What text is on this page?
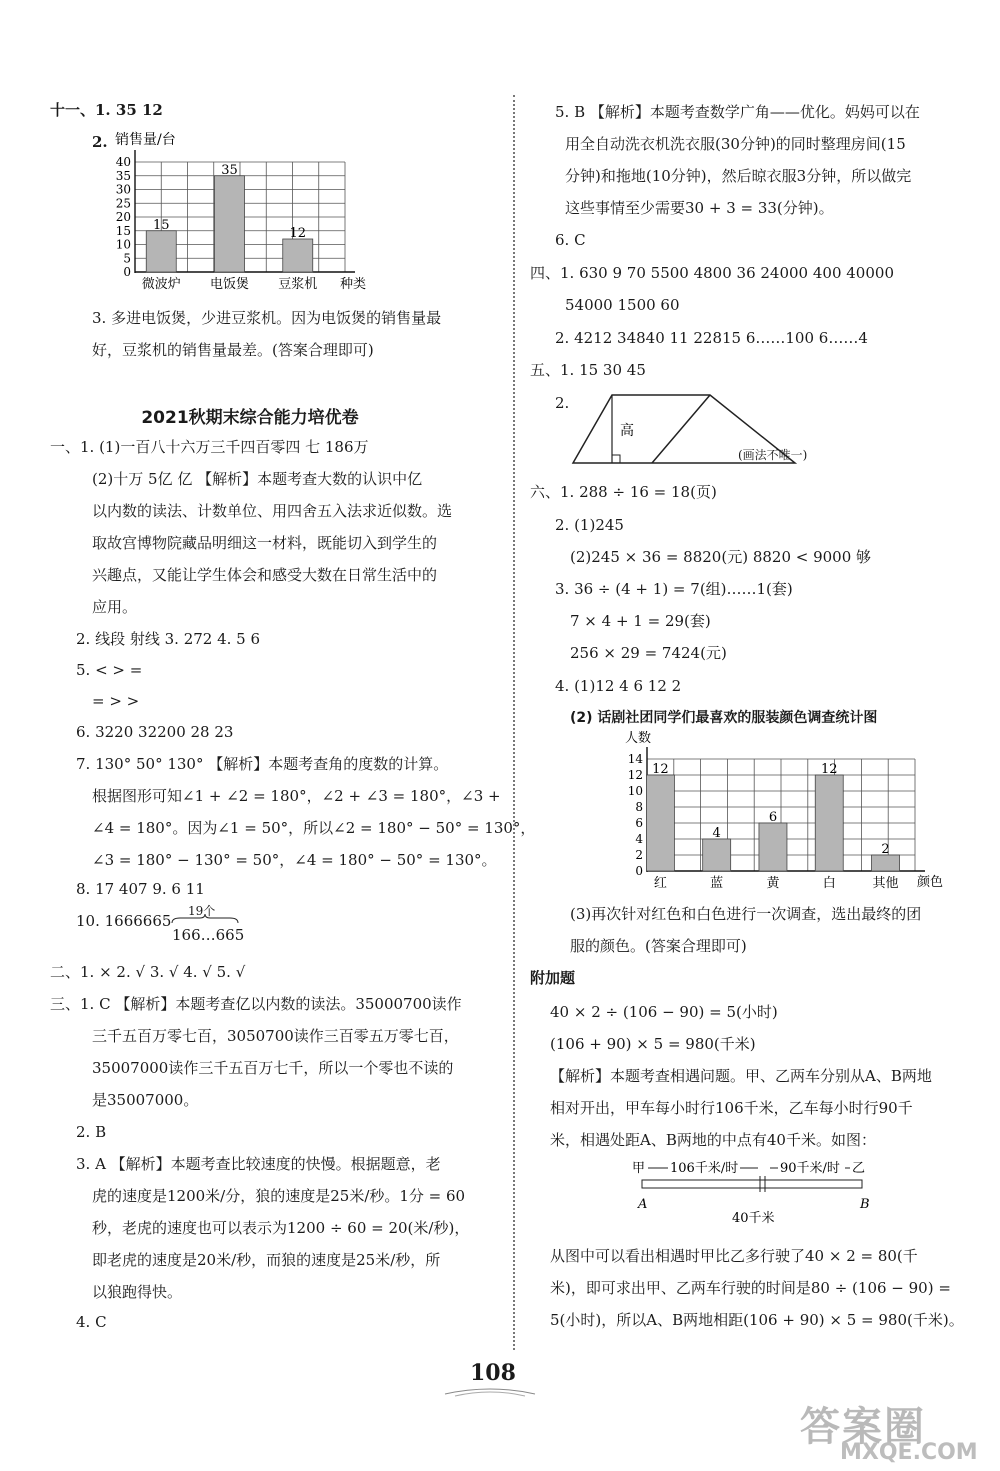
十一、1. 35 12
2.
0
5
10
15
20
25
30
35
40
微波炉 电饭煲 豆浆机
15
35
12
销售量/台
种类
3. 多进电饭煲，少进豆浆机。因为电饭煲的销售量最
好，豆浆机的销售量最差。(答案合理即可)
2021秋期末综合能力培优卷
一、1. (1)一百八十六万三千四百零四 七 186万
(2)十万 5亿 亿 【解析】本题考查大数的认识中亿
以内数的读法、计数单位、用四舍五入法求近似数。选
取故宫博物院藏品明细这一材料，既能切入到学生的
兴趣点，又能让学生体会和感受大数在日常生活中的
应用。
2. 线段 射线 3. 272 4. 5 6
5. < > =
= > >
6. 3220 32200 28 23
7. 130° 50° 130° 【解析】本题考查角的度数的计算。
根据图形可知∠1 + ∠2 = 180°，∠2 + ∠3 = 180°，∠3 +
∠4 = 180°。因为∠1 = 50°，所以∠2 = 180° − 50° = 130°，
∠3 = 180° − 130° = 50°，∠4 = 180° − 50° = 130°。
8. 17 407 9. 6 11
10. 1666665
19个
166…665
二、1. × 2. √ 3. √ 4. √ 5. √
三、1. C 【解析】本题考查亿以内数的读法。35000700读作
三千五百万零七百，3050700读作三百零五万零七百，
35007000读作三千五百万七千，所以一个零也不读的
是35007000。
2. B
3. A 【解析】本题考查比较速度的快慢。根据题意，老
虎的速度是1200米/分，狼的速度是25米/秒。1分 = 60
秒，老虎的速度也可以表示为1200 ÷ 60 = 20(米/秒)，
即老虎的速度是20米/秒，而狼的速度是25米/秒，所
以狼跑得快。
4. C
5. B 【解析】本题考查数学广角——优化。妈妈可以在
用全自动洗衣机洗衣服(30分钟)的同时整理房间(15
分钟)和拖地(10分钟)，然后晾衣服3分钟，所以做完
这些事情至少需要30 + 3 = 33(分钟)。
6. C
四、1. 630 9 70 5500 4800 36 24000 400 40000
54000 1500 60
2. 4212 34840 11 22815 6……100 6……4
五、1. 15 30 45
2.
高
(画法不唯一)
六、1. 288 ÷ 16 = 18(页)
2. (1)245
(2)245 × 36 = 8820(元) 8820 < 9000 够
3. 36 ÷ (4 + 1) = 7(组)……1(套)
7 × 4 + 1 = 29(套)
256 × 29 = 7424(元)
4. (1)12 4 6 12 2
(2) 话剧社团同学们最喜欢的服装颜色调查统计图
0
2
4
6
8
10
12
14
红	蓝	黄	白	其他
12
4
6
12
2
人数
颜色
(3)再次针对红色和白色进行一次调查，选出最终的团
服的颜色。(答案合理即可)
附加题
40 × 2 ÷ (106 − 90) = 5(小时)
(106 + 90) × 5 = 980(千米)
【解析】本题考查相遇问题。甲、乙两车分别从A、B两地
相对开出，甲车每小时行106千米，乙车每小时行90千
米，相遇处距A、B两地的中点有40千米。如图：
甲 106千米/时	90千米/时 乙
A	B
40千米
从图中可以看出相遇时甲比乙多行驶了40 × 2 = 80(千
米)，即可求出甲、乙两车行驶的时间是80 ÷ (106 − 90) =
5(小时)，所以A、B两地相距(106 + 90) × 5 = 980(千米)。
108
答案圈
MXQE.COM
